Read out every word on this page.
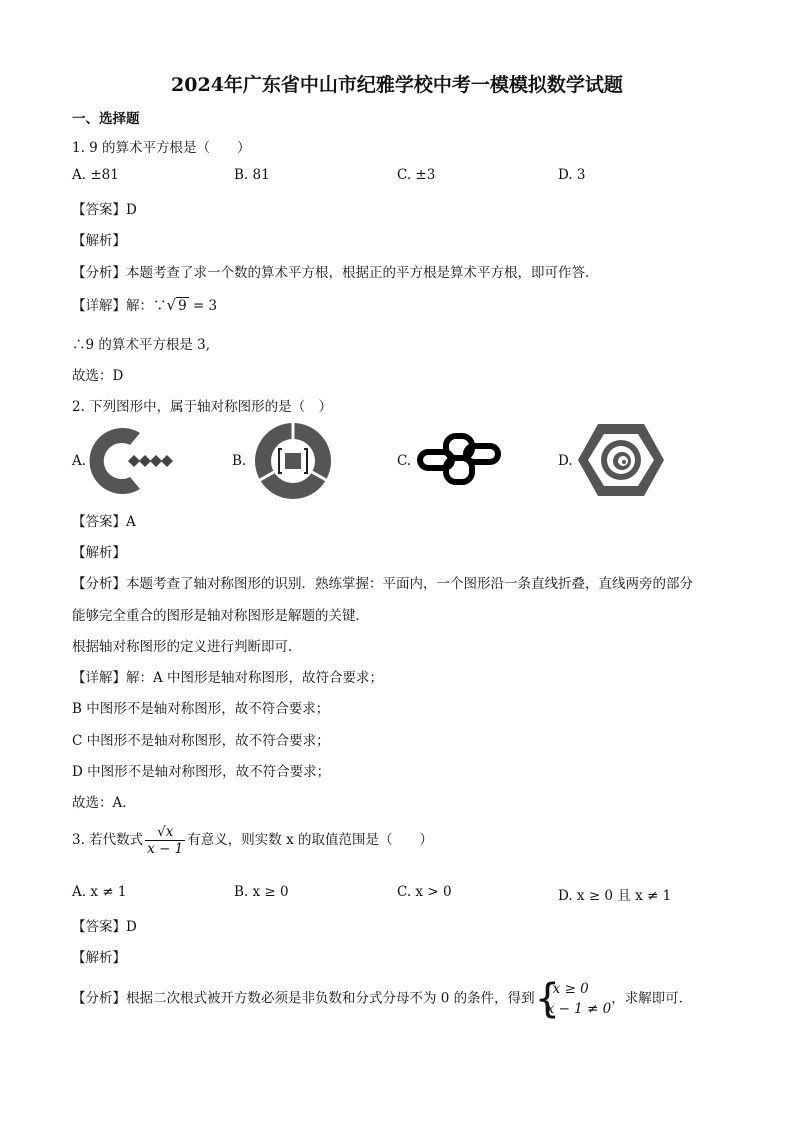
2024年广东省中山市纪雅学校中考一模模拟数学试题
一、选择题
1. 9 的算术平方根是（　　）
A. ±81	B. 81	C. ±3	D. 3
【答案】D
【解析】
【分析】本题考查了求一个数的算术平方根，根据正的平方根是算术平方根，即可作答．
【详解】解：∵√ 9 = 3
∴9 的算术平方根是 3,
故选：D
2. 下列图形中，属于轴对称图形的是（　）
A.	B.	C.	D.
【答案】A
【解析】
【分析】本题考查了轴对称图形的识别．熟练掌握：平面内，一个图形沿一条直线折叠，直线两旁的部分
能够完全重合的图形是轴对称图形是解题的关键．
根据轴对称图形的定义进行判断即可．
【详解】解：A 中图形是轴对称图形，故符合要求；
B 中图形不是轴对称图形，故不符合要求；
C 中图形不是轴对称图形，故不符合要求；
D 中图形不是轴对称图形，故不符合要求；
故选：A．
3. 若代数式 $\frac{√x}{x - 1}$ 有意义，则实数 x 的取值范围是（　　）
A. x ≠ 1	B. x ≥ 0	C. x > 0	D. x ≥ 0 且 x ≠ 1
【答案】D
【解析】
【分析】根据二次根式被开方数必须是非负数和分式分母不为 0 的条件，得到 {
x ≥ 0
x − 1 ≠ 0
，求解即可．
